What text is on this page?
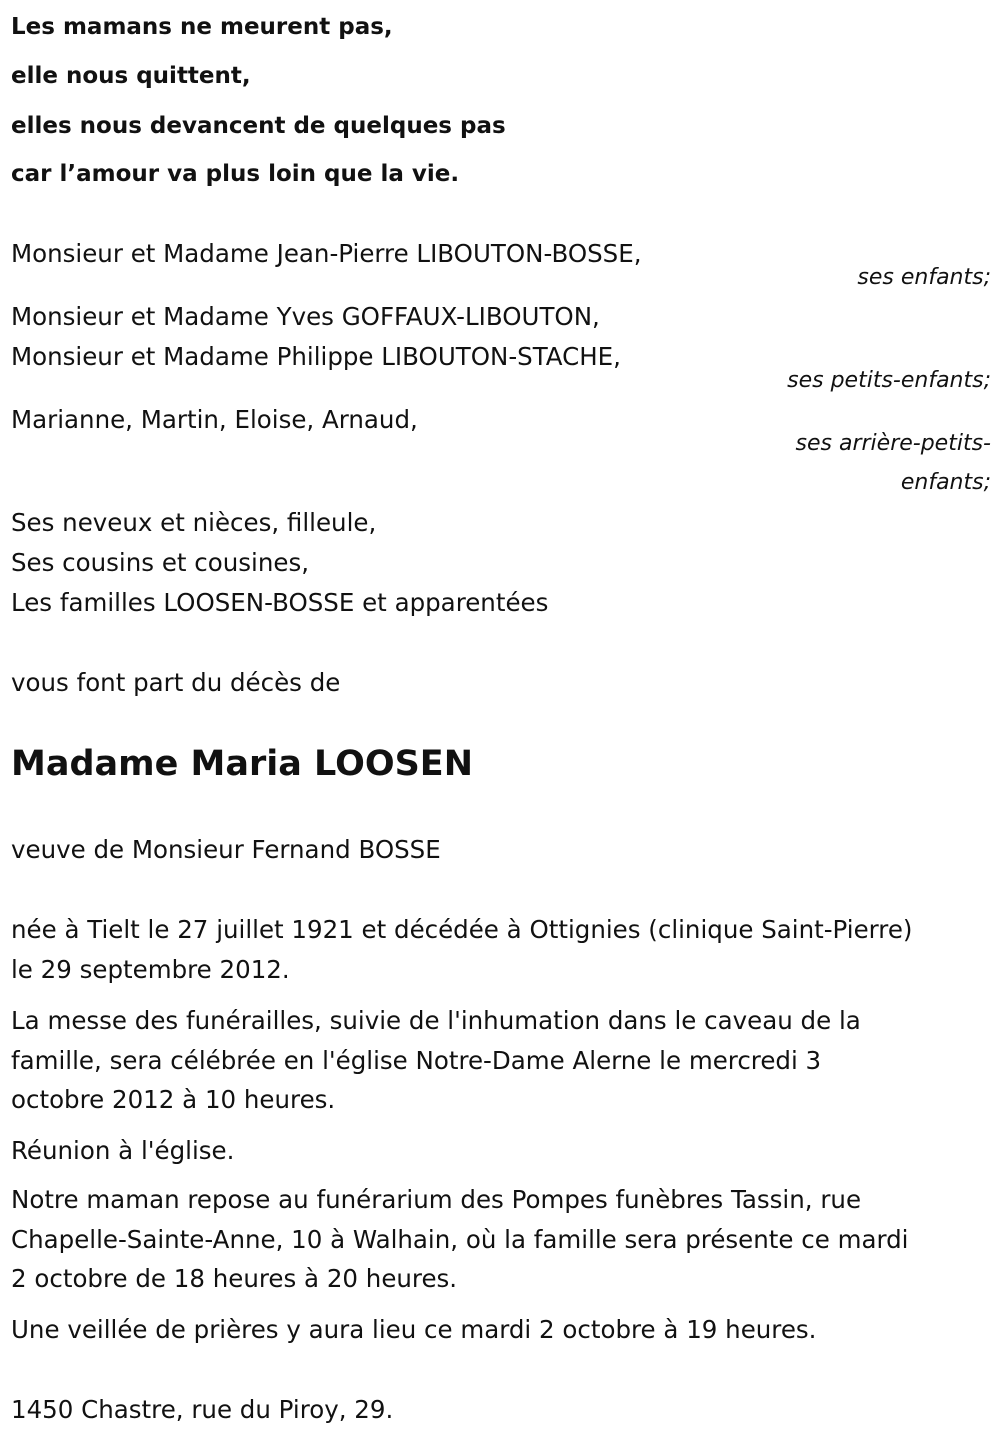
Les mamans ne meurent pas,
elle nous quittent,
elles nous devancent de quelques pas
car l’amour va plus loin que la vie.
Monsieur et Madame Jean-Pierre LIBOUTON-BOSSE,
ses enfants;
Monsieur et Madame Yves GOFFAUX-LIBOUTON,
Monsieur et Madame Philippe LIBOUTON-STACHE,
ses petits-enfants;
Marianne, Martin, Eloise, Arnaud,
ses arrière-petits-
enfants;
Ses neveux et nièces, filleule,
Ses cousins et cousines,
Les familles LOOSEN-BOSSE et apparentées
vous font part du décès de
Madame Maria LOOSEN
veuve de Monsieur Fernand BOSSE
née à Tielt le 27 juillet 1921 et décédée à Ottignies (clinique Saint-Pierre)
le 29 septembre 2012.
La messe des funérailles, suivie de l'inhumation dans le caveau de la
famille, sera célébrée en l'église Notre-Dame Alerne le mercredi 3
octobre 2012 à 10 heures.
Réunion à l'église.
Notre maman repose au funérarium des Pompes funèbres Tassin, rue
Chapelle-Sainte-Anne, 10 à Walhain, où la famille sera présente ce mardi
2 octobre de 18 heures à 20 heures.
Une veillée de prières y aura lieu ce mardi 2 octobre à 19 heures.
1450 Chastre, rue du Piroy, 29.
